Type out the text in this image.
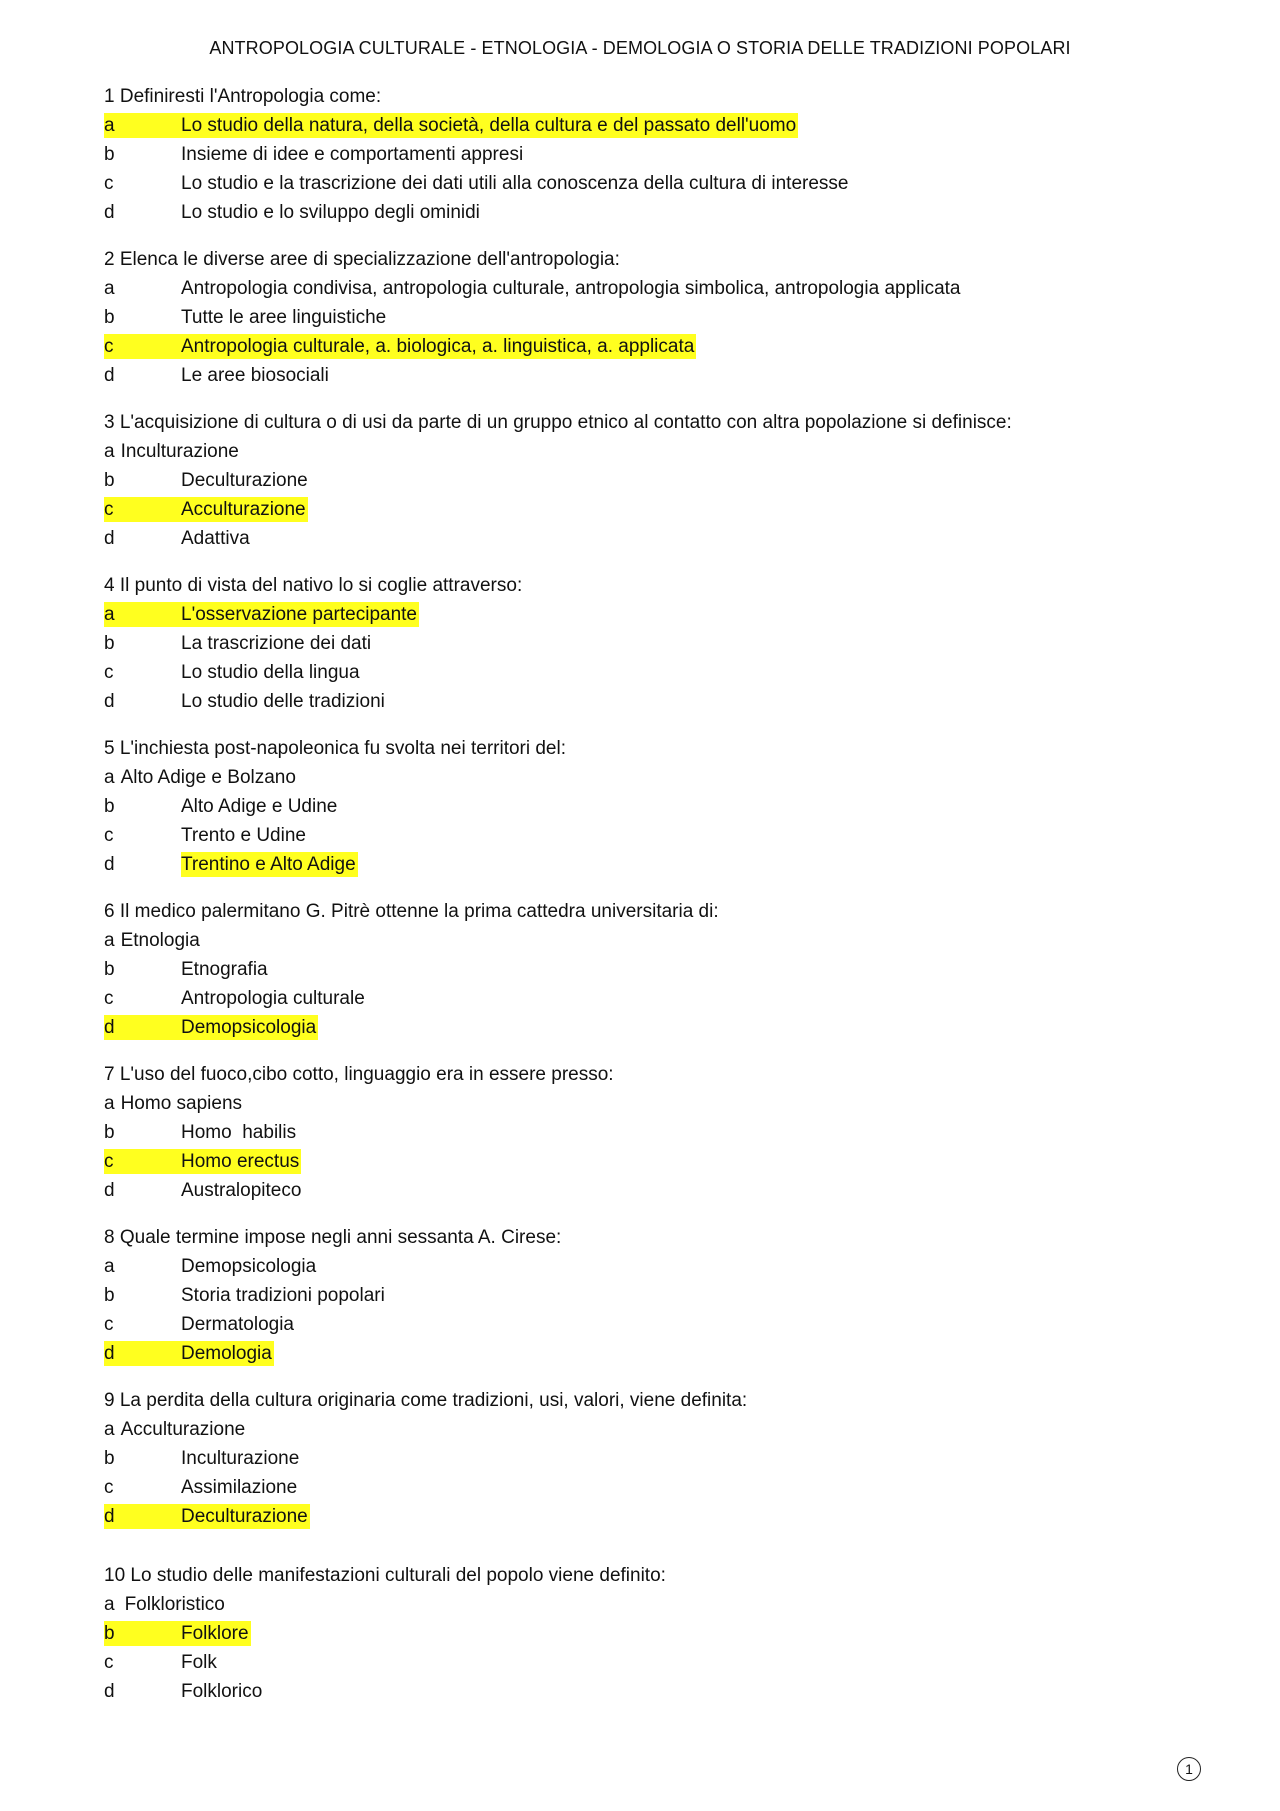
ANTROPOLOGIA CULTURALE - ETNOLOGIA - DEMOLOGIA O STORIA DELLE TRADIZIONI POPOLARI
1 Definiresti l'Antropologia come:
a	Lo studio della natura, della società, della cultura e del passato dell'uomo
b	Insieme di idee e comportamenti appresi
c	Lo studio e la trascrizione dei dati utili alla conoscenza della cultura di interesse
d	Lo studio e lo sviluppo degli ominidi
2 Elenca le diverse aree di specializzazione dell'antropologia:
a	Antropologia condivisa, antropologia culturale, antropologia simbolica, antropologia applicata
b	Tutte le aree linguistiche
c	Antropologia culturale, a. biologica, a. linguistica, a. applicata
d	Le aree biosociali
3 L'acquisizione di cultura o di usi da parte di un gruppo etnico al contatto con altra popolazione si definisce:
a Inculturazione
b	Deculturazione
c	Acculturazione
d	Adattiva
4 Il punto di vista del nativo lo si coglie attraverso:
a	L'osservazione partecipante
b	La trascrizione dei dati
c	Lo studio della lingua
d	Lo studio delle tradizioni
5 L'inchiesta post-napoleonica fu svolta nei territori del:
a Alto Adige e Bolzano
b	Alto Adige e Udine
c	Trento e Udine
d	Trentino e Alto Adige
6 Il medico palermitano G. Pitrè ottenne la prima cattedra universitaria di:
a Etnologia
b	Etnografia
c	Antropologia culturale
d	Demopsicologia
7 L'uso del fuoco,cibo cotto, linguaggio era in essere presso:
a Homo sapiens
b	Homo  habilis
c	Homo erectus
d	Australopiteco
8 Quale termine impose negli anni sessanta A. Cirese:
a	Demopsicologia
b	Storia tradizioni popolari
c	Dermatologia
d	Demologia
9 La perdita della cultura originaria come tradizioni, usi, valori, viene definita:
a Acculturazione
b	Inculturazione
c	Assimilazione
d	Deculturazione
10 Lo studio delle manifestazioni culturali del popolo viene definito:
a Folkloristico
b	Folklore
c	Folk
d	Folklorico
1
